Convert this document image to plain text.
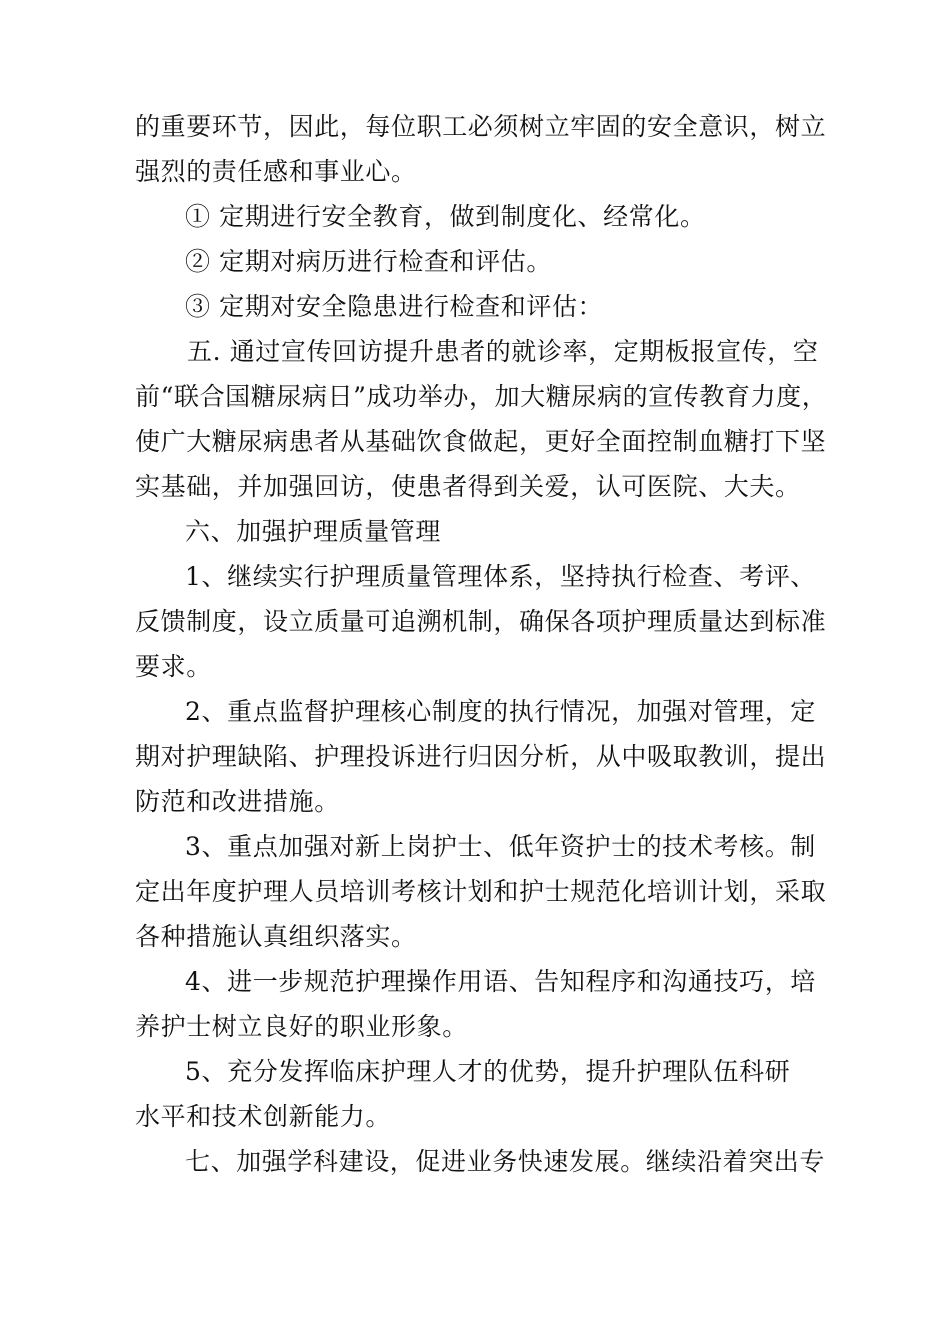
的重要环节，因此，每位职工必须树立牢固的安全意识，树立
强烈的责任感和事业心。
① 定期进行安全教育，做到制度化、经常化。
② 定期对病历进行检查和评估。
③ 定期对安全隐患进行检查和评估：
五. 通过宣传回访提升患者的就诊率，定期板报宣传，空
前“联合国糖尿病日”成功举办，加大糖尿病的宣传教育力度，
使广大糖尿病患者从基础饮食做起，更好全面控制血糖打下坚
实基础，并加强回访，使患者得到关爱，认可医院、大夫。
六、加强护理质量管理
1、继续实行护理质量管理体系，坚持执行检查、考评、
反馈制度，设立质量可追溯机制，确保各项护理质量达到标准
要求。
2、重点监督护理核心制度的执行情况，加强对管理，定
期对护理缺陷、护理投诉进行归因分析，从中吸取教训，提出
防范和改进措施。
3、重点加强对新上岗护士、低年资护士的技术考核。制
定出年度护理人员培训考核计划和护士规范化培训计划，采取
各种措施认真组织落实。
4、进一步规范护理操作用语、告知程序和沟通技巧，培
养护士树立良好的职业形象。
5、充分发挥临床护理人才的优势，提升护理队伍科研
水平和技术创新能力。
七、加强学科建设，促进业务快速发展。继续沿着突出专
